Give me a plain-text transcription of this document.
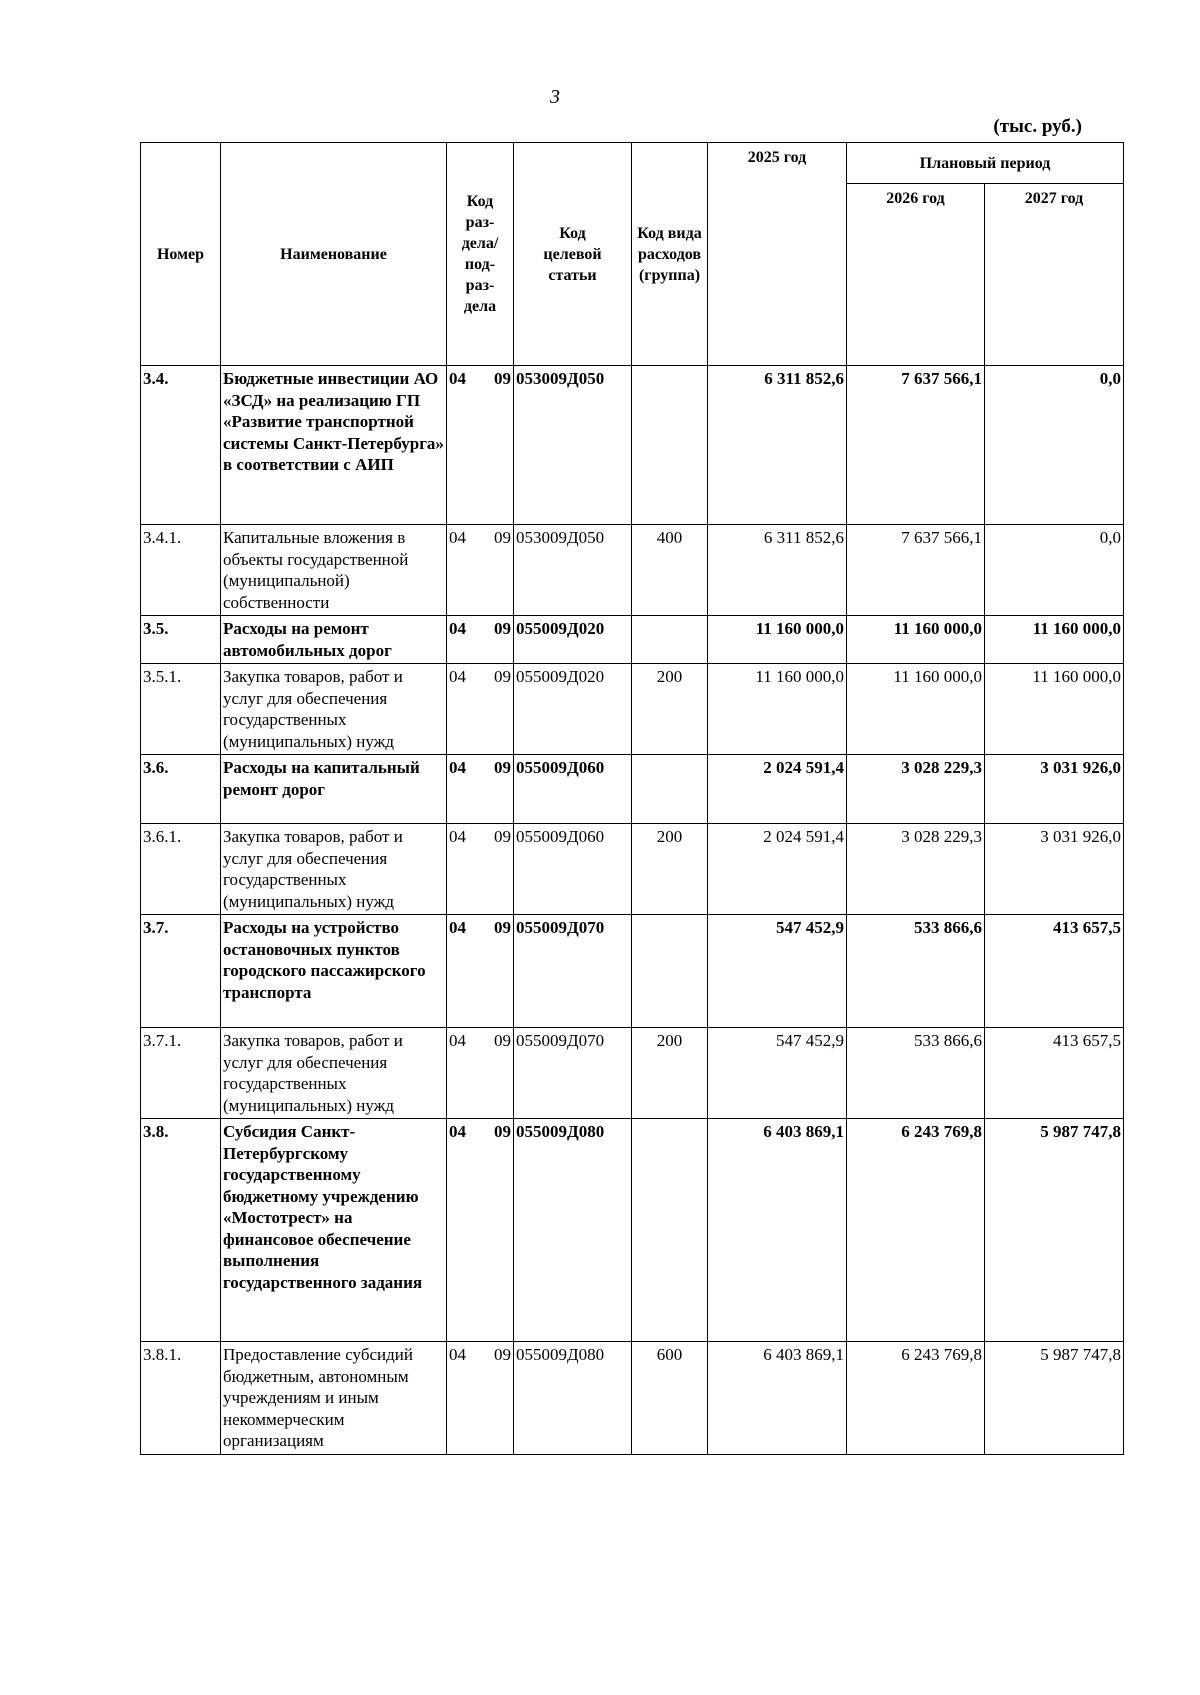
3
(тыс. руб.)
Номер	Наименование	Код раз-дела/ под-раз-дела	Код целевой статьи	Код вида расходов (группа)	2025 год	Плановый период	
						2026 год	2027 год
3.4.	Бюджетные инвестиции АО «ЗСД» на реализацию ГП «Развитие транспортной системы Санкт-Петербурга» в соответствии с АИП	04 09	053009Д050		6 311 852,6	7 637 566,1	0,0
3.4.1.	Капитальные вложения в объекты государственной (муниципальной) собственности	04 09	053009Д050	400	6 311 852,6	7 637 566,1	0,0
3.5.	Расходы на ремонт автомобильных дорог	04 09	055009Д020		11 160 000,0	11 160 000,0	11 160 000,0
3.5.1.	Закупка товаров, работ и услуг для обеспечения государственных (муниципальных) нужд	04 09	055009Д020	200	11 160 000,0	11 160 000,0	11 160 000,0
3.6.	Расходы на капитальный ремонт дорог	04 09	055009Д060		2 024 591,4	3 028 229,3	3 031 926,0
3.6.1.	Закупка товаров, работ и услуг для обеспечения государственных (муниципальных) нужд	04 09	055009Д060	200	2 024 591,4	3 028 229,3	3 031 926,0
3.7.	Расходы на устройство остановочных пунктов городского пассажирского транспорта	04 09	055009Д070		547 452,9	533 866,6	413 657,5
3.7.1.	Закупка товаров, работ и услуг для обеспечения государственных (муниципальных) нужд	04 09	055009Д070	200	547 452,9	533 866,6	413 657,5
3.8.	Субсидия Санкт-Петербургскому государственному бюджетному учреждению «Мостотрест» на финансовое обеспечение выполнения государственного задания	04 09	055009Д080		6 403 869,1	6 243 769,8	5 987 747,8
3.8.1.	Предоставление субсидий бюджетным, автономным учреждениям и иным некоммерческим организациям	04 09	055009Д080	600	6 403 869,1	6 243 769,8	5 987 747,8
